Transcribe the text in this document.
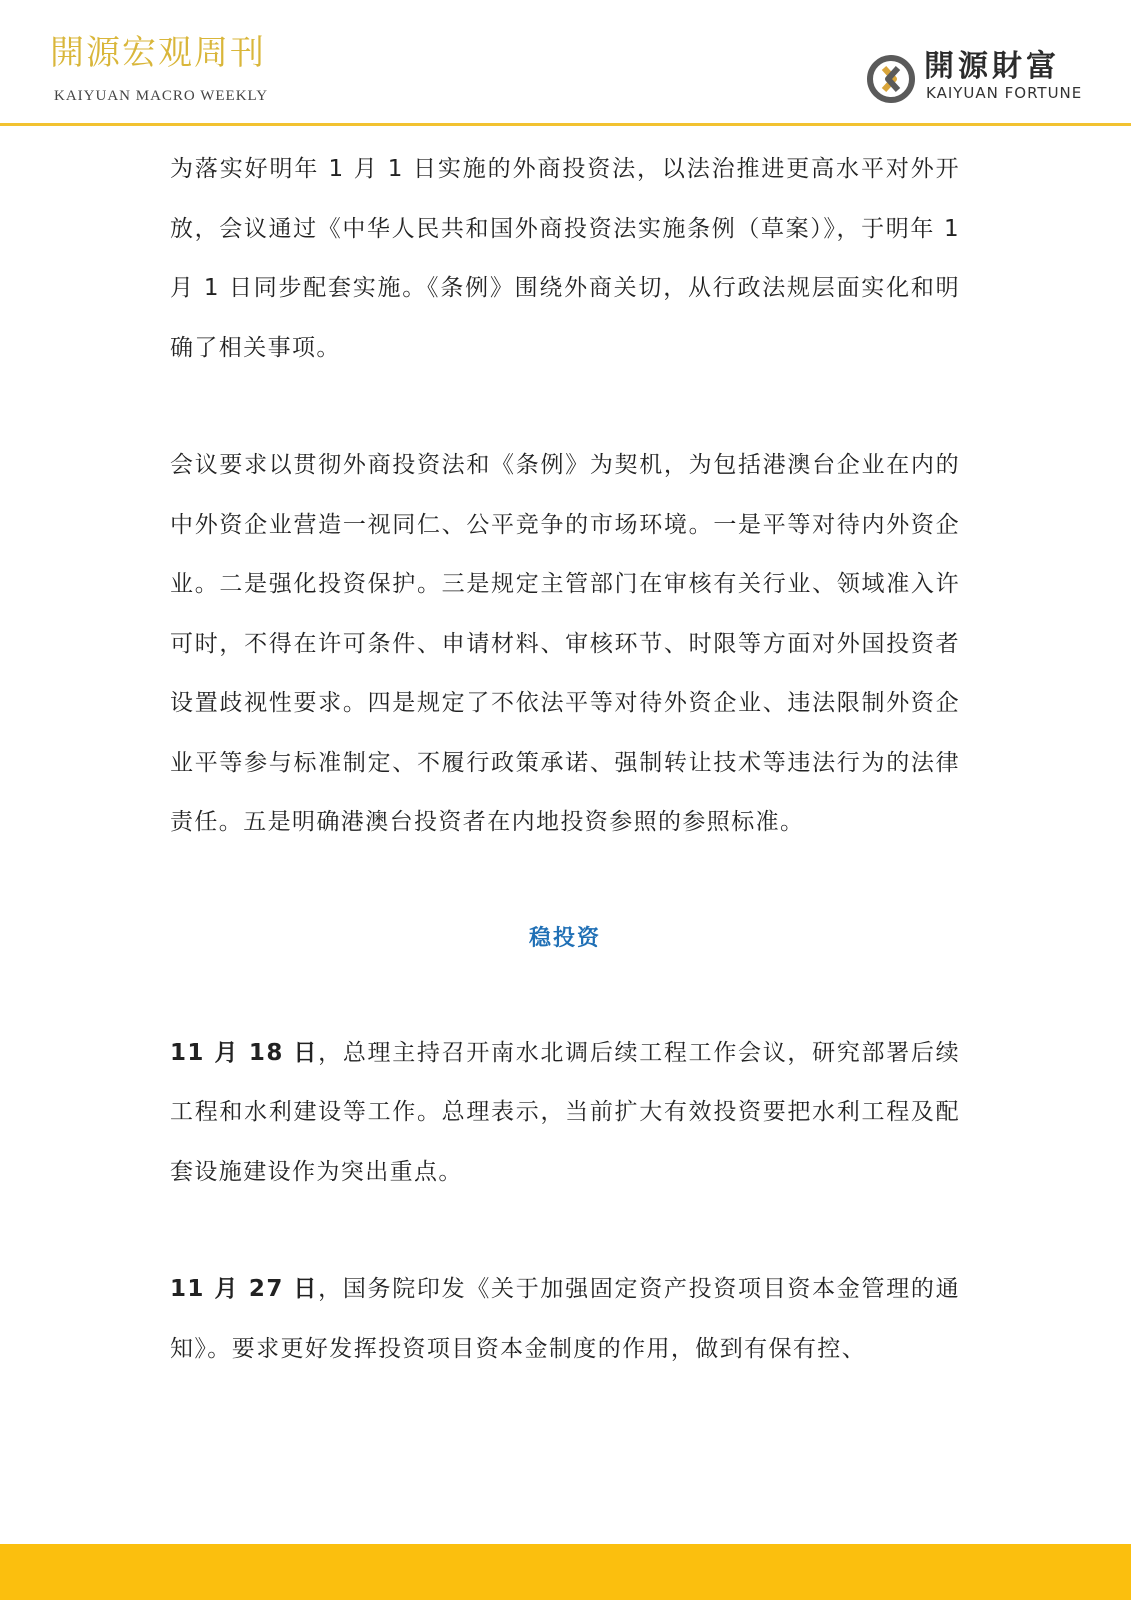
開源宏观周刊
KAIYUAN MACRO WEEKLY
開源財富
KAIYUAN FORTUNE

为落实好明年 1 月 1 日实施的外商投资法，以法治推进更高水平对外开放，会议通过《中华人民共和国外商投资法实施条例（草案）》，于明年 1 月 1 日同步配套实施。《条例》围绕外商关切，从行政法规层面实化和明确了相关事项。

会议要求以贯彻外商投资法和《条例》为契机，为包括港澳台企业在内的中外资企业营造一视同仁、公平竞争的市场环境。一是平等对待内外资企业。二是强化投资保护。三是规定主管部门在审核有关行业、领域准入许可时，不得在许可条件、申请材料、审核环节、时限等方面对外国投资者设置歧视性要求。四是规定了不依法平等对待外资企业、违法限制外资企业平等参与标准制定、不履行政策承诺、强制转让技术等违法行为的法律责任。五是明确港澳台投资者在内地投资参照的参照标准。

稳投资

11 月 18 日，总理主持召开南水北调后续工程工作会议，研究部署后续工程和水利建设等工作。总理表示，当前扩大有效投资要把水利工程及配套设施建设作为突出重点。

11 月 27 日，国务院印发《关于加强固定资产投资项目资本金管理的通知》。要求更好发挥投资项目资本金制度的作用，做到有保有控、
